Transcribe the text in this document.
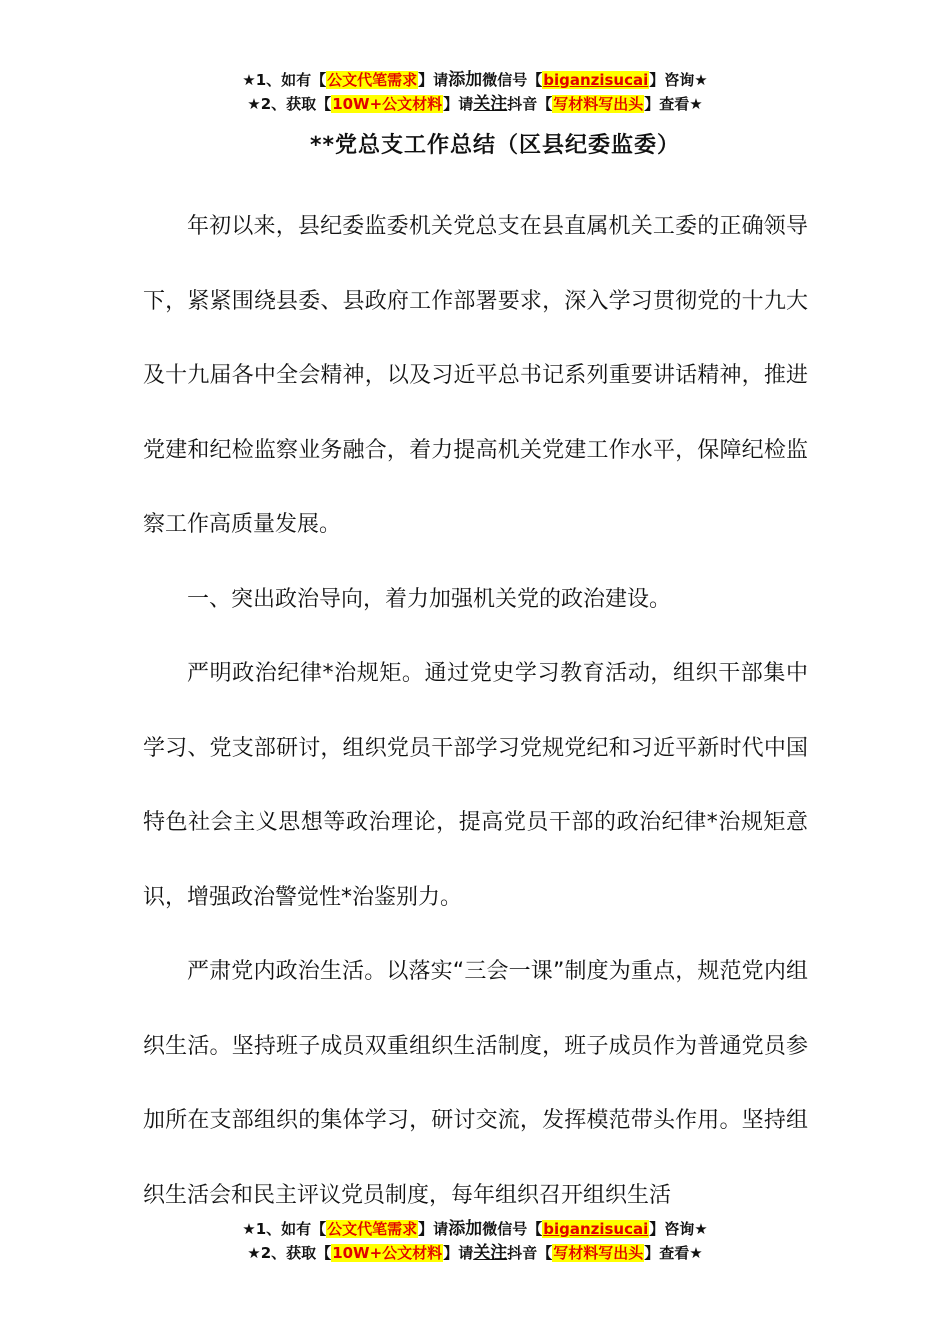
★1、如有【公文代笔需求】请添加微信号【biganzisucai】咨询★
★2、获取【10W+公文材料】请关注抖音【写材料写出头】查看★
**党总支工作总结（区县纪委监委）

年初以来，县纪委监委机关党总支在县直属机关工委的正确领导下，紧紧围绕县委、县政府工作部署要求，深入学习贯彻党的十九大及十九届各中全会精神，以及习近平总书记系列重要讲话精神，推进党建和纪检监察业务融合，着力提高机关党建工作水平，保障纪检监察工作高质量发展。

一、突出政治导向，着力加强机关党的政治建设。

严明政治纪律*治规矩。通过党史学习教育活动，组织干部集中学习、党支部研讨，组织党员干部学习党规党纪和习近平新时代中国特色社会主义思想等政治理论，提高党员干部的政治纪律*治规矩意识，增强政治警觉性*治鉴别力。

严肃党内政治生活。以落实“三会一课”制度为重点，规范党内组织生活。坚持班子成员双重组织生活制度，班子成员作为普通党员参加所在支部组织的集体学习，研讨交流，发挥模范带头作用。坚持组织生活会和民主评议党员制度，每年组织召开组织生活

★1、如有【公文代笔需求】请添加微信号【biganzisucai】咨询★
★2、获取【10W+公文材料】请关注抖音【写材料写出头】查看★
